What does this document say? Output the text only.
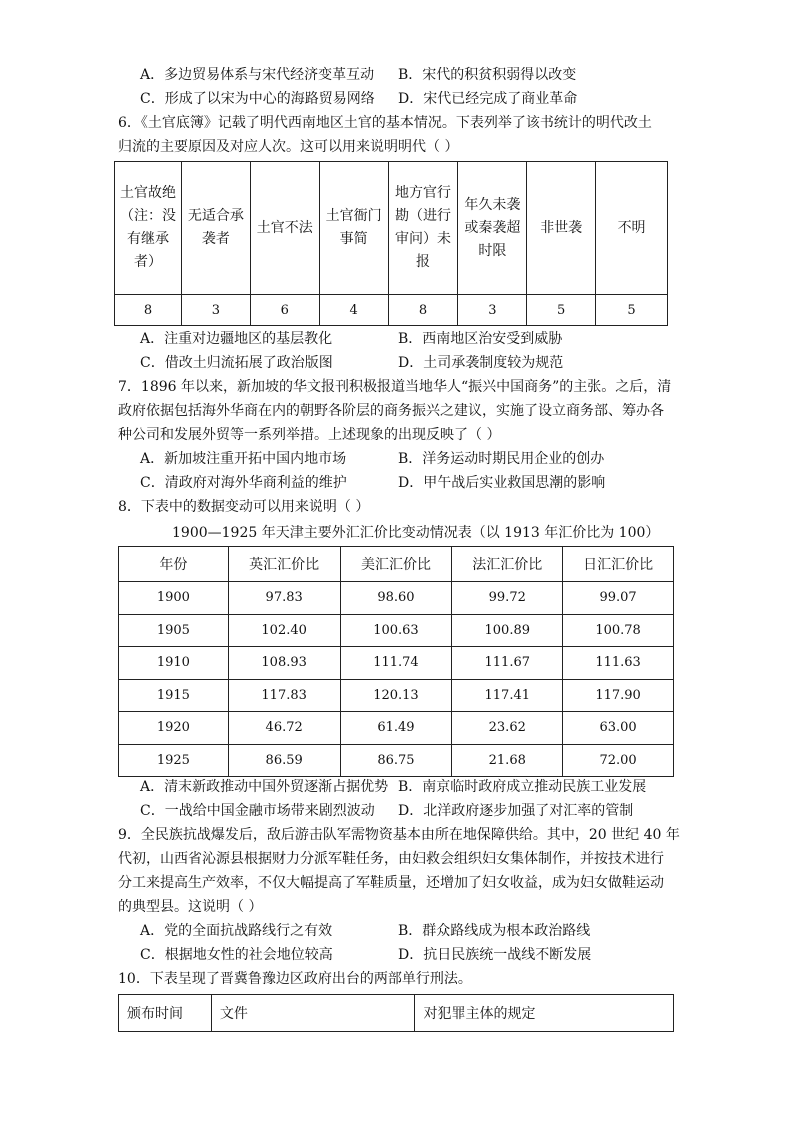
A．多边贸易体系与宋代经济变革互动 B．宋代的积贫积弱得以改变
C．形成了以宋为中心的海路贸易网络 D．宋代已经完成了商业革命
6．《土官底簿》记载了明代西南地区土官的基本情况。下表列举了该书统计的明代改土
归流的主要原因及对应人次。这可以用来说明明代（ ）
土官故绝（注：没有继承者）	无适合承袭者	土官不法	土官衙门事简	地方官行勘（进行审问）未报	年久未袭或秦袭超时限	非世袭	不明
8	3	6	4	8	3	5	5
A．注重对边疆地区的基层教化	B．西南地区治安受到威胁
C．借改土归流拓展了政治版图	D．土司承袭制度较为规范
7．1896 年以来，新加坡的华文报刊积极报道当地华人“振兴中国商务”的主张。之后，清
政府依据包括海外华商在内的朝野各阶层的商务振兴之建议，实施了设立商务部、筹办各
种公司和发展外贸等一系列举措。上述现象的出现反映了（ ）
A．新加坡注重开拓中国内地市场	B．洋务运动时期民用企业的创办
C．清政府对海外华商利益的维护	D．甲午战后实业救国思潮的影响
8．下表中的数据变动可以用来说明（ ）
1900—1925 年天津主要外汇汇价比变动情况表（以 1913 年汇价比为 100）
年份	英汇汇价比	美汇汇价比	法汇汇价比	日汇汇价比
1900	97.83	98.60	99.72	99.07
1905	102.40	100.63	100.89	100.78
1910	108.93	111.74	111.67	111.63
1915	117.83	120.13	117.41	117.90
1920	46.72	61.49	23.62	63.00
1925	86.59	86.75	21.68	72.00
A．清末新政推动中国外贸逐渐占据优势 B．南京临时政府成立推动民族工业发展
C．一战给中国金融市场带来剧烈波动 D．北洋政府逐步加强了对汇率的管制
9．全民族抗战爆发后，敌后游击队军需物资基本由所在地保障供给。其中，20 世纪 40 年
代初，山西省沁源县根据财力分派军鞋任务，由妇救会组织妇女集体制作，并按技术进行
分工来提高生产效率，不仅大幅提高了军鞋质量，还增加了妇女收益，成为妇女做鞋运动
的典型县。这说明（ ）
A．党的全面抗战路线行之有效	B．群众路线成为根本政治路线
C．根据地女性的社会地位较高	D．抗日民族统一战线不断发展
10．下表呈现了晋冀鲁豫边区政府出台的两部单行刑法。
颁布时间	文件	对犯罪主体的规定
